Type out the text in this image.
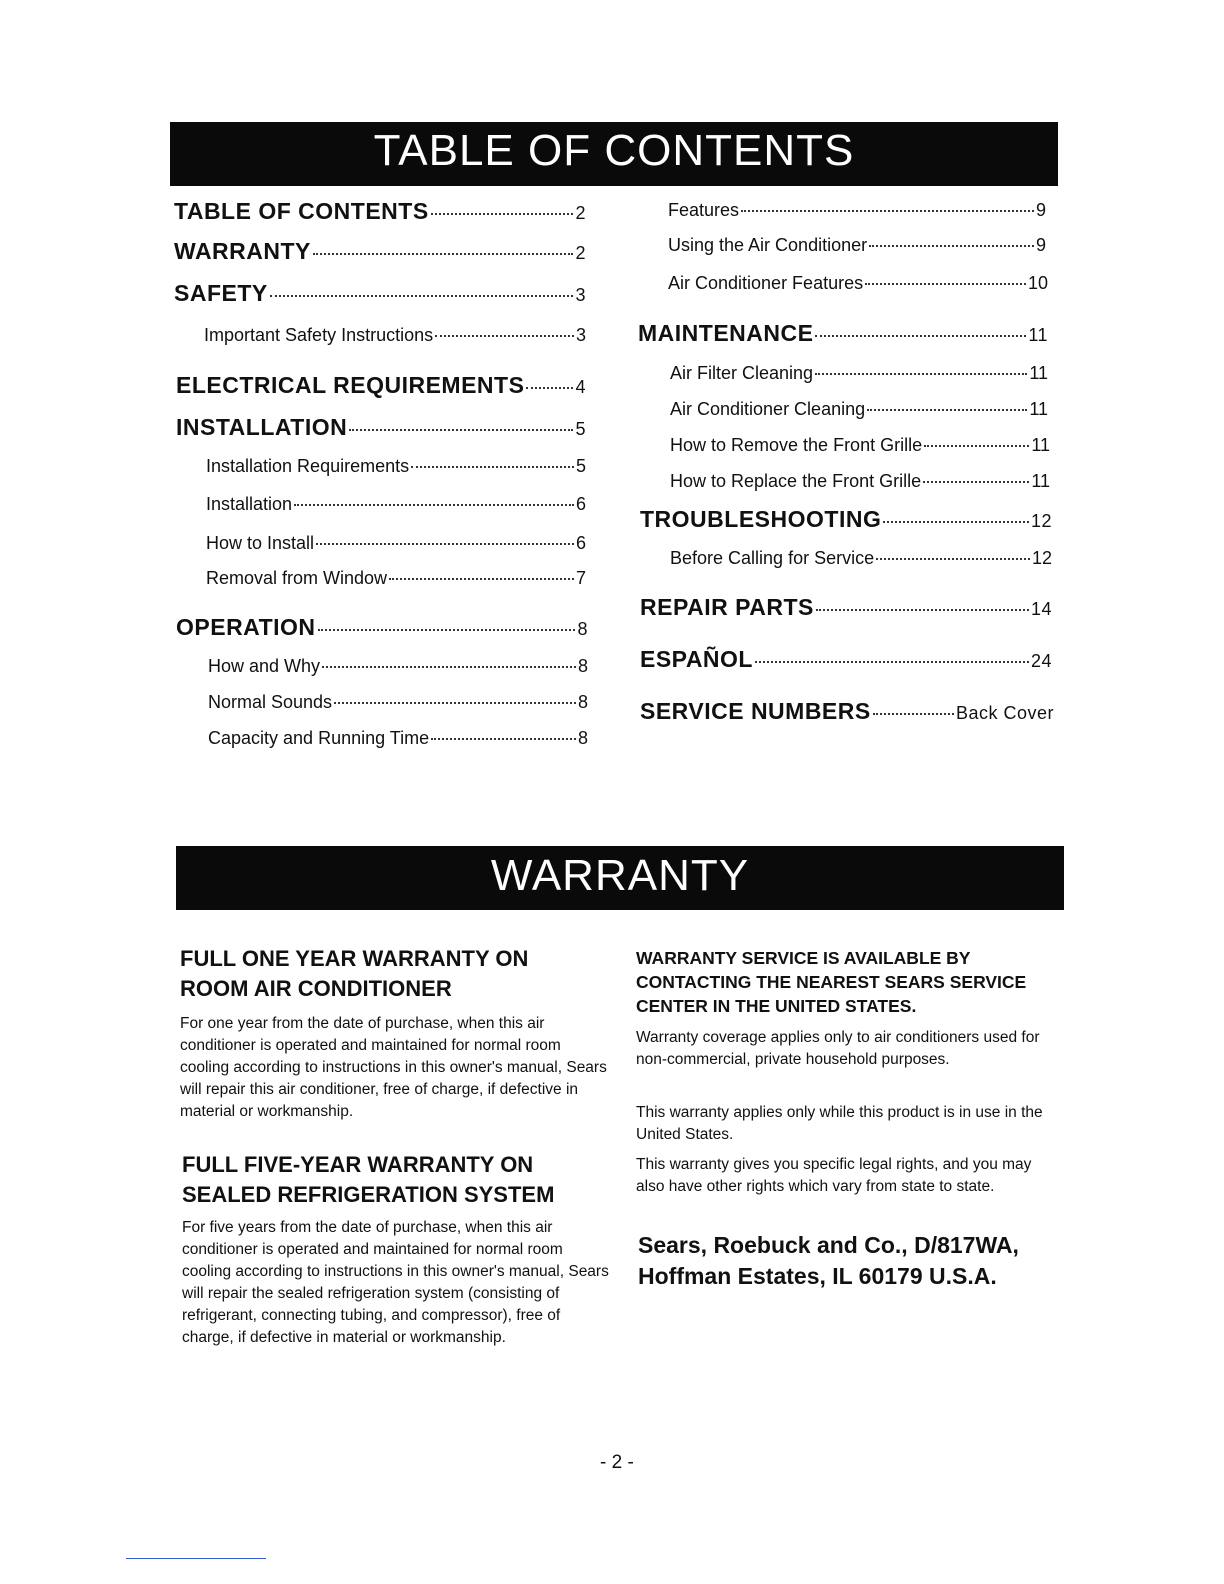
TABLE OF CONTENTS
TABLE OF CONTENTS	2
WARRANTY	2
SAFETY	3
Important Safety Instructions	3
ELECTRICAL REQUIREMENTS	4
INSTALLATION	5
Installation Requirements	5
Installation	6
How to Install	6
Removal from Window	7
OPERATION	8
How and Why	8
Normal Sounds	8
Capacity and Running Time	8
Features	9
Using the Air Conditioner	9
Air Conditioner Features	10
MAINTENANCE	11
Air Filter Cleaning	11
Air Conditioner Cleaning	11
How to Remove the Front Grille	11
How to Replace the Front Grille	11
TROUBLESHOOTING	12
Before Calling for Service	12
REPAIR PARTS	14
ESPAÑOL	24
SERVICE NUMBERS	Back Cover
WARRANTY
FULL ONE YEAR WARRANTY ON ROOM AIR CONDITIONER
For one year from the date of purchase, when this air conditioner is operated and maintained for normal room cooling according to instructions in this owner's manual, Sears will repair this air conditioner, free of charge, if defective in material or workmanship.
FULL FIVE-YEAR WARRANTY ON SEALED REFRIGERATION SYSTEM
For five years from the date of purchase, when this air conditioner is operated and maintained for normal room cooling according to instructions in this owner's manual, Sears will repair the sealed refrigeration system (consisting of refrigerant, connecting tubing, and compressor), free of charge, if defective in material or workmanship.
WARRANTY SERVICE IS AVAILABLE BY CONTACTING THE NEAREST SEARS SERVICE CENTER IN THE UNITED STATES.
Warranty coverage applies only to air conditioners used for non-commercial, private household purposes.
This warranty applies only while this product is in use in the United States.
This warranty gives you specific legal rights, and you may also have other rights which vary from state to state.
Sears, Roebuck and Co., D/817WA,
Hoffman Estates, IL 60179 U.S.A.
- 2 -
